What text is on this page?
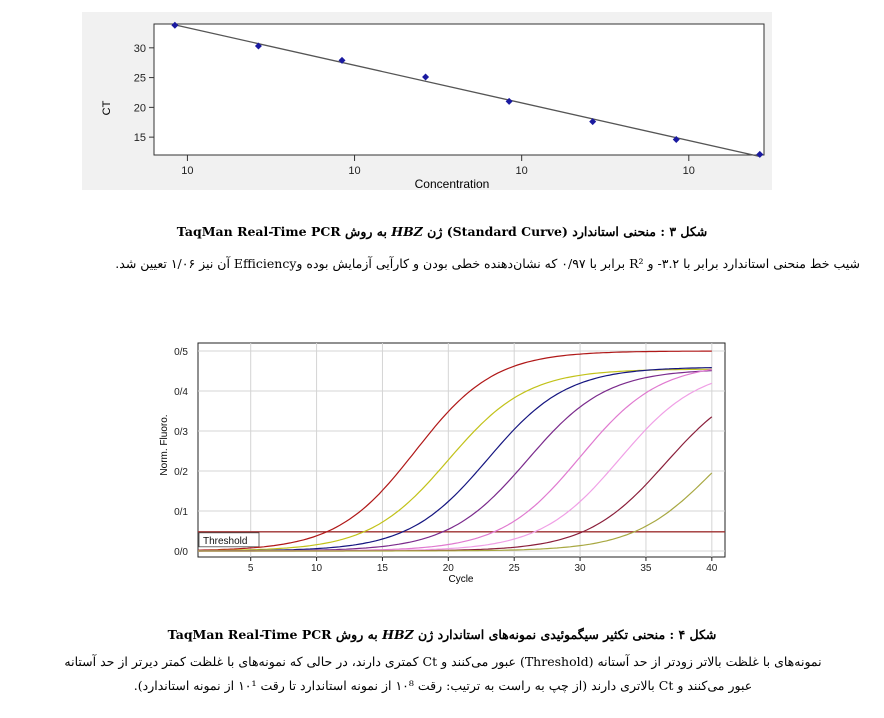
15
20
25
30
10	10	10	10
CT
Concentration
شکل ۳ : منحنی استاندارد (Standard Curve) ژن HBZ به روش TaqMan Real-Time PCR
شیب خط منحنی استاندارد برابر با ۳.۲- و R² برابر با ۰/۹۷ که نشان‌دهنده خطی بودن و کارآیی آزمایش بوده وEfficiency آن نیز ۱/۰۶ تعیین شد.
5	10	15	20	25	30	35	40
0/0
0/1
0/2
0/3
0/4
0/5
Threshold
Norm. Fluoro.
Cycle
شکل ۴ : منحنی تکثیر سیگموئیدی نمونه‌های استاندارد ژن HBZ به روش TaqMan Real-Time PCR
نمونه‌های با غلظت بالاتر زودتر از حد آستانه (Threshold) عبور می‌کنند و Ct کمتری دارند، در حالی که نمونه‌های با غلظت کمتر دیرتر از حد آستانه
عبور می‌کنند و Ct بالاتری دارند (از چپ به راست به ترتیب: رقت ۱۰⁸ از نمونه استاندارد تا رقت ۱۰¹ از نمونه استاندارد).
